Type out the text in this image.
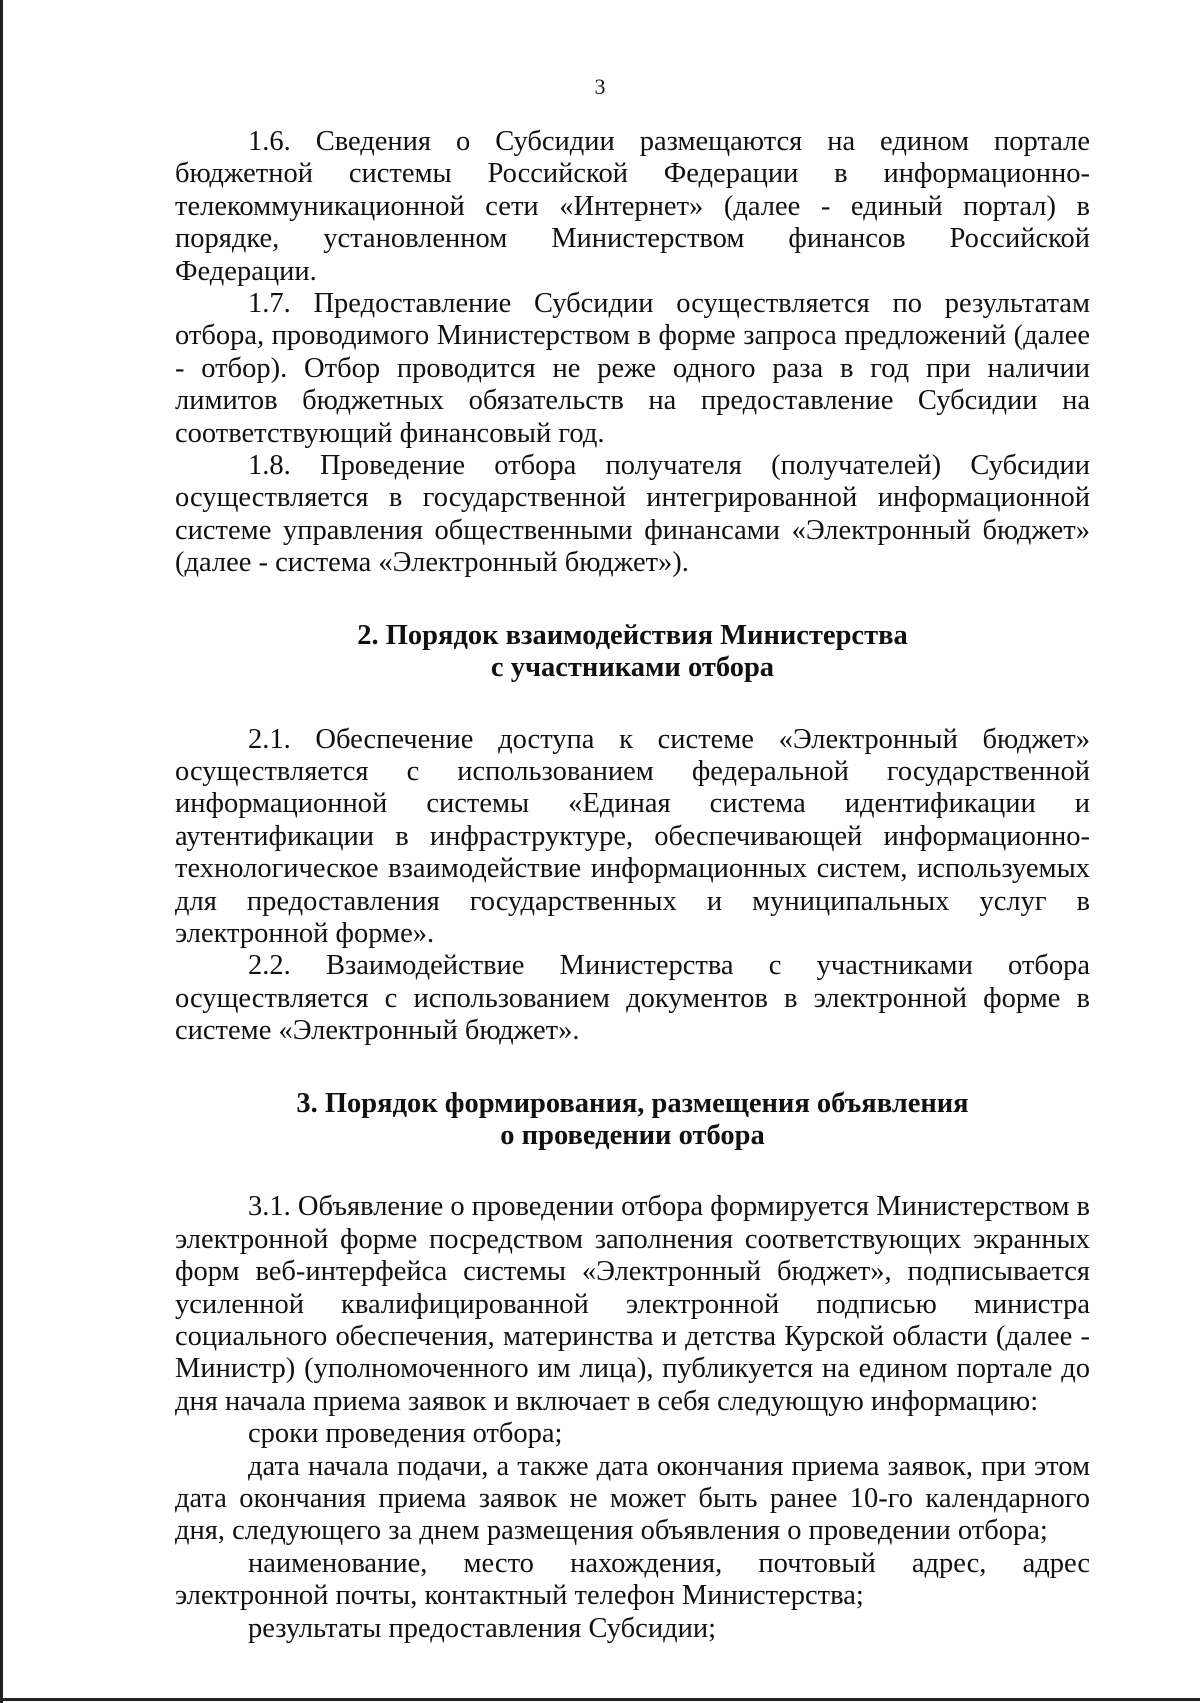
3

1.6. Сведения о Субсидии размещаются на едином портале бюджетной системы Российской Федерации в информационно-телекоммуникационной сети «Интернет» (далее - единый портал) в порядке, установленном Министерством финансов Российской Федерации.

1.7. Предоставление Субсидии осуществляется по результатам отбора, проводимого Министерством в форме запроса предложений (далее - отбор). Отбор проводится не реже одного раза в год при наличии лимитов бюджетных обязательств на предоставление Субсидии на соответствующий финансовый год.

1.8. Проведение отбора получателя (получателей) Субсидии осуществляется в государственной интегрированной информационной системе управления общественными финансами «Электронный бюджет» (далее - система «Электронный бюджет»).

2. Порядок взаимодействия Министерства
с участниками отбора

2.1. Обеспечение доступа к системе «Электронный бюджет» осуществляется с использованием федеральной государственной информационной системы «Единая система идентификации и аутентификации в инфраструктуре, обеспечивающей информационно-технологическое взаимодействие информационных систем, используемых для предоставления государственных и муниципальных услуг в электронной форме».

2.2. Взаимодействие Министерства с участниками отбора осуществляется с использованием документов в электронной форме в системе «Электронный бюджет».

3. Порядок формирования, размещения объявления
о проведении отбора

3.1. Объявление о проведении отбора формируется Министерством в электронной форме посредством заполнения соответствующих экранных форм веб-интерфейса системы «Электронный бюджет», подписывается усиленной квалифицированной электронной подписью министра социального обеспечения, материнства и детства Курской области (далее - Министр) (уполномоченного им лица), публикуется на едином портале до дня начала приема заявок и включает в себя следующую информацию:

сроки проведения отбора;

дата начала подачи, а также дата окончания приема заявок, при этом дата окончания приема заявок не может быть ранее 10-го календарного дня, следующего за днем размещения объявления о проведении отбора;

наименование, место нахождения, почтовый адрес, адрес электронной почты, контактный телефон Министерства;

результаты предоставления Субсидии;
